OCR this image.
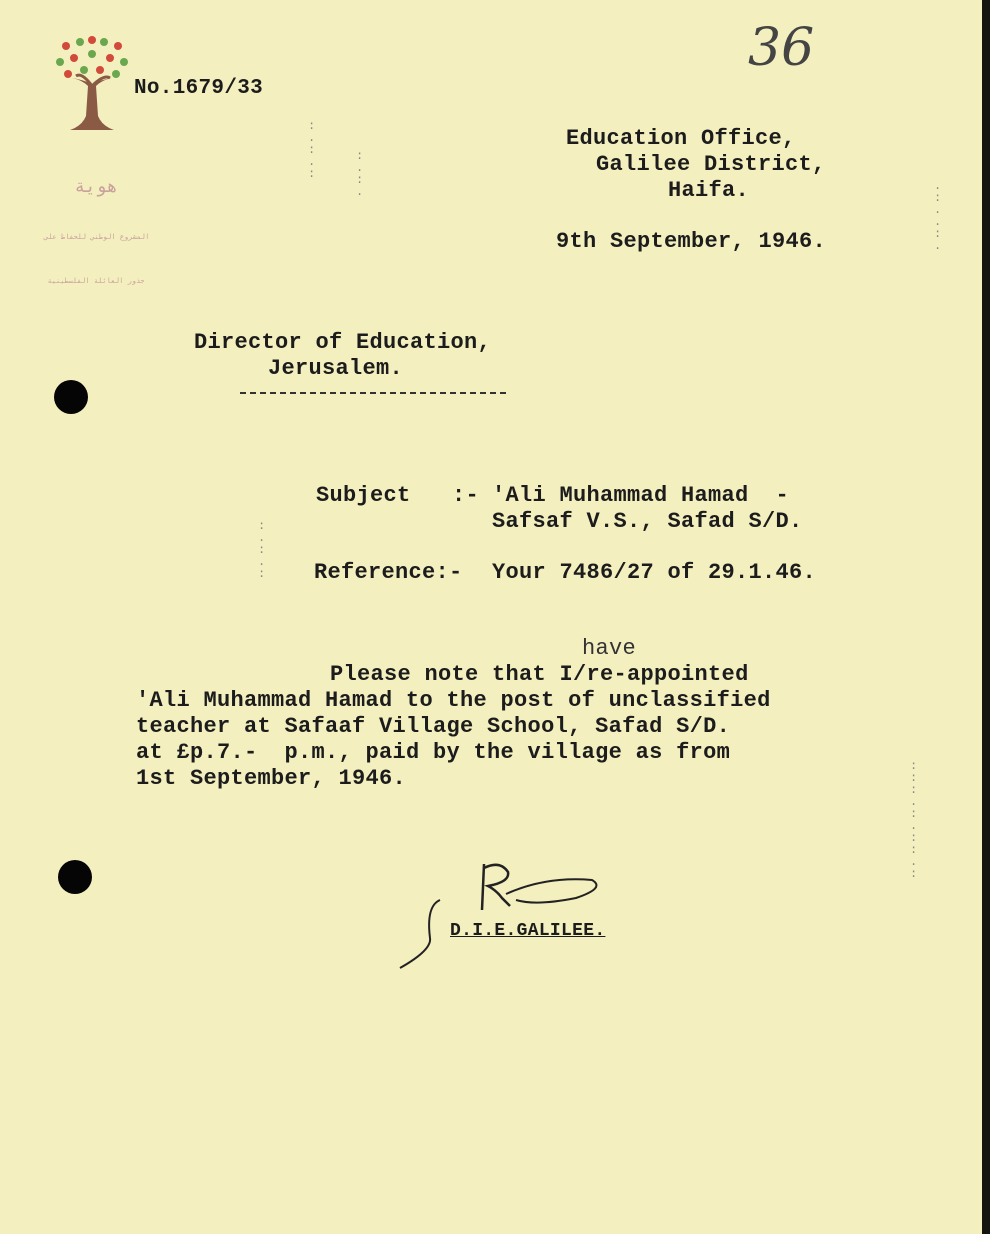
هوية

المشروع الوطني للحفاظ على

جذور العائلة الفلسطينية

No.1679/33
36
Education Office,
Galilee District,
Haifa.
9th September, 1946.
Director of Education,
Jerusalem.
Subject :- 'Ali Muhammad Hamad  -
Safsaf V.S., Safad S/D.
Reference:- Your 7486/27 of 29.1.46.
have
Please note that I/re-appointed
'Ali Muhammad Hamad to the post of unclassified
teacher at Safaaf Village School, Safad S/D.
at £p.7.-  p.m., paid by the village as from
1st September, 1946.
D.I.E.GALILEE.
:
.
:
.
:
:
.
:
.	.
:
.
.
:
.
:
:
:
.
:
.
:
:
.
:
:
.
:
.
:
